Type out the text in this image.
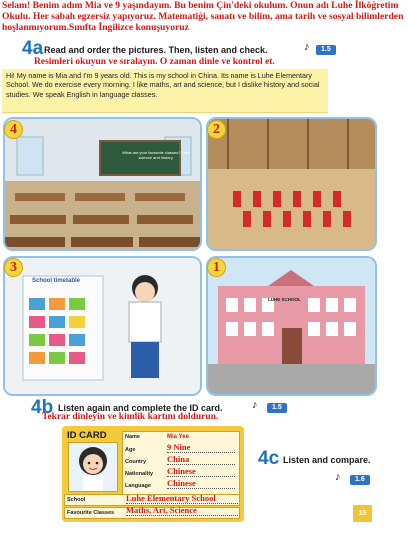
Selam! Benim adım Mia ve 9 yaşındayım. Bu benim Çin'deki okulum. Onun adı Luhe İlköğretim Okulu. Her sabah egzersiz yapıyoruz. Matematiği, sanatı ve bilim, ama tarih ve sosyal bilimlerden hoşlanmıyorum.Sınıfta İngilizce konuşuyoruz
4a Read and order the pictures. Then, listen and check.	♪	1.5
Resimleri okuyun ve sıralayın. O zaman dinle ve kontrol et.
Hi! My name is Mia and I'm 9 years old. This is my school in China. Its name is Luhe Elementary School. We do exercise every morning. I like maths, art and science, but I dislike history and social studies. We speak English in language classes.
What are your favourite classes? I like science and history.
4	2
School timetable
3
LUHE SCHOOL
1
4b Listen again and complete the ID card.	♪	1.5
Tekrar dinleyin ve kimlik kartını doldurun.
ID CARD	Name	Mia Yee
Age	9 Nine
Country China
Nationality Chinese
Language Chinese
School	Luhe Elementary School
Favourite Classes Maths, Art, Science
4c Listen and compare.
♪	1.6
15
